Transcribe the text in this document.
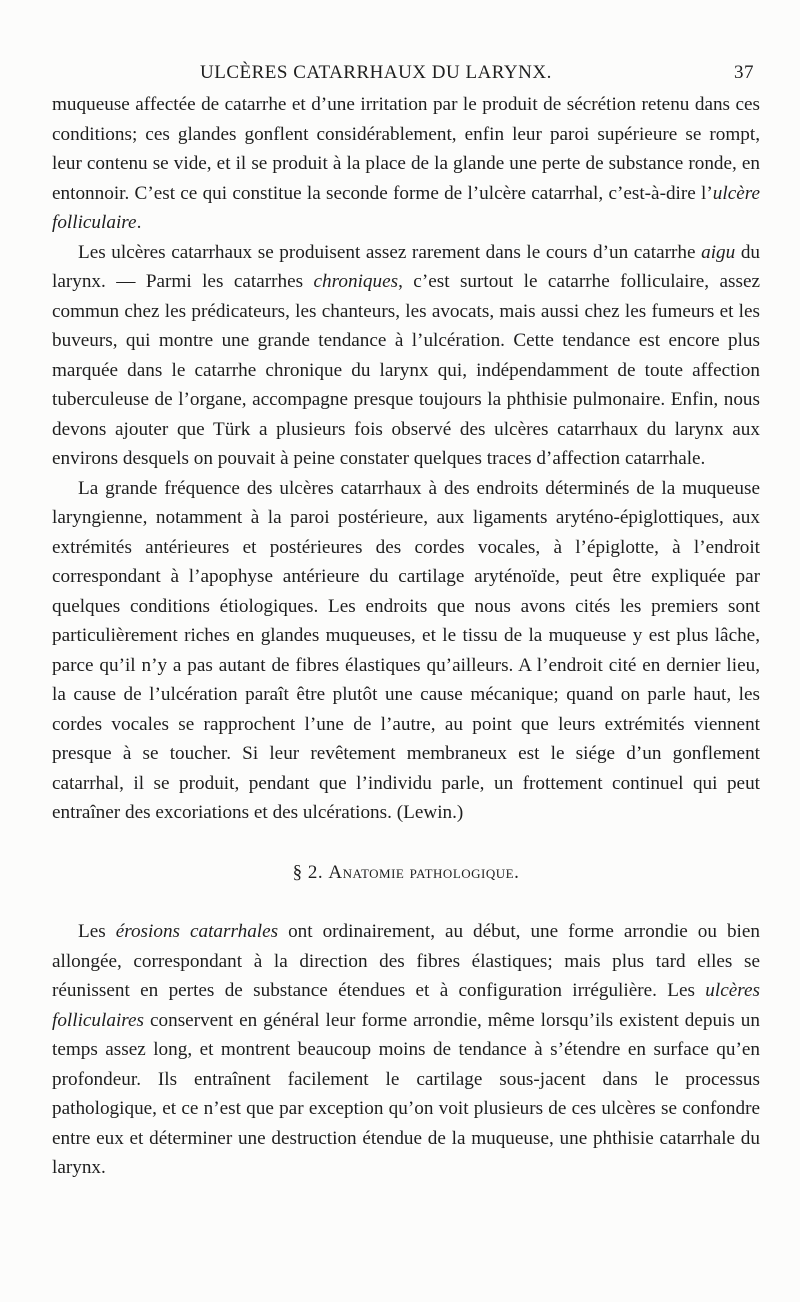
ULCÈRES CATARRHAUX DU LARYNX.	37

muqueuse affectée de catarrhe et d’une irritation par le produit de sécrétion retenu dans ces conditions; ces glandes gonflent considérablement, enfin leur paroi supérieure se rompt, leur contenu se vide, et il se produit à la place de la glande une perte de substance ronde, en entonnoir. C’est ce qui constitue la seconde forme de l’ulcère catarrhal, c’est-à-dire l’ulcère folliculaire.

Les ulcères catarrhaux se produisent assez rarement dans le cours d’un catarrhe aigu du larynx. — Parmi les catarrhes chroniques, c’est surtout le catarrhe folliculaire, assez commun chez les prédicateurs, les chanteurs, les avocats, mais aussi chez les fumeurs et les buveurs, qui montre une grande tendance à l’ulcération. Cette tendance est encore plus marquée dans le catarrhe chronique du larynx qui, indépendamment de toute affection tuberculeuse de l’organe, accompagne presque toujours la phthisie pulmonaire. Enfin, nous devons ajouter que Türk a plusieurs fois observé des ulcères catarrhaux du larynx aux environs desquels on pouvait à peine constater quelques traces d’affection catarrhale.

La grande fréquence des ulcères catarrhaux à des endroits déterminés de la muqueuse laryngienne, notamment à la paroi postérieure, aux ligaments aryténo-épiglottiques, aux extrémités antérieures et postérieures des cordes vocales, à l’épiglotte, à l’endroit correspondant à l’apophyse antérieure du cartilage aryténoïde, peut être expliquée par quelques conditions étiologiques. Les endroits que nous avons cités les premiers sont particulièrement riches en glandes muqueuses, et le tissu de la muqueuse y est plus lâche, parce qu’il n’y a pas autant de fibres élastiques qu’ailleurs. A l’endroit cité en dernier lieu, la cause de l’ulcération paraît être plutôt une cause mécanique; quand on parle haut, les cordes vocales se rapprochent l’une de l’autre, au point que leurs extrémités viennent presque à se toucher. Si leur revêtement membraneux est le siége d’un gonflement catarrhal, il se produit, pendant que l’individu parle, un frottement continuel qui peut entraîner des excoriations et des ulcérations. (Lewin.)

§ 2. Anatomie pathologique.

Les érosions catarrhales ont ordinairement, au début, une forme arrondie ou bien allongée, correspondant à la direction des fibres élastiques; mais plus tard elles se réunissent en pertes de substance étendues et à configuration irrégulière. Les ulcères folliculaires conservent en général leur forme arrondie, même lorsqu’ils existent depuis un temps assez long, et montrent beaucoup moins de tendance à s’étendre en surface qu’en profondeur. Ils entraînent facilement le cartilage sous-jacent dans le processus pathologique, et ce n’est que par exception qu’on voit plusieurs de ces ulcères se confondre entre eux et déterminer une destruction étendue de la muqueuse, une phthisie catarrhale du larynx.
